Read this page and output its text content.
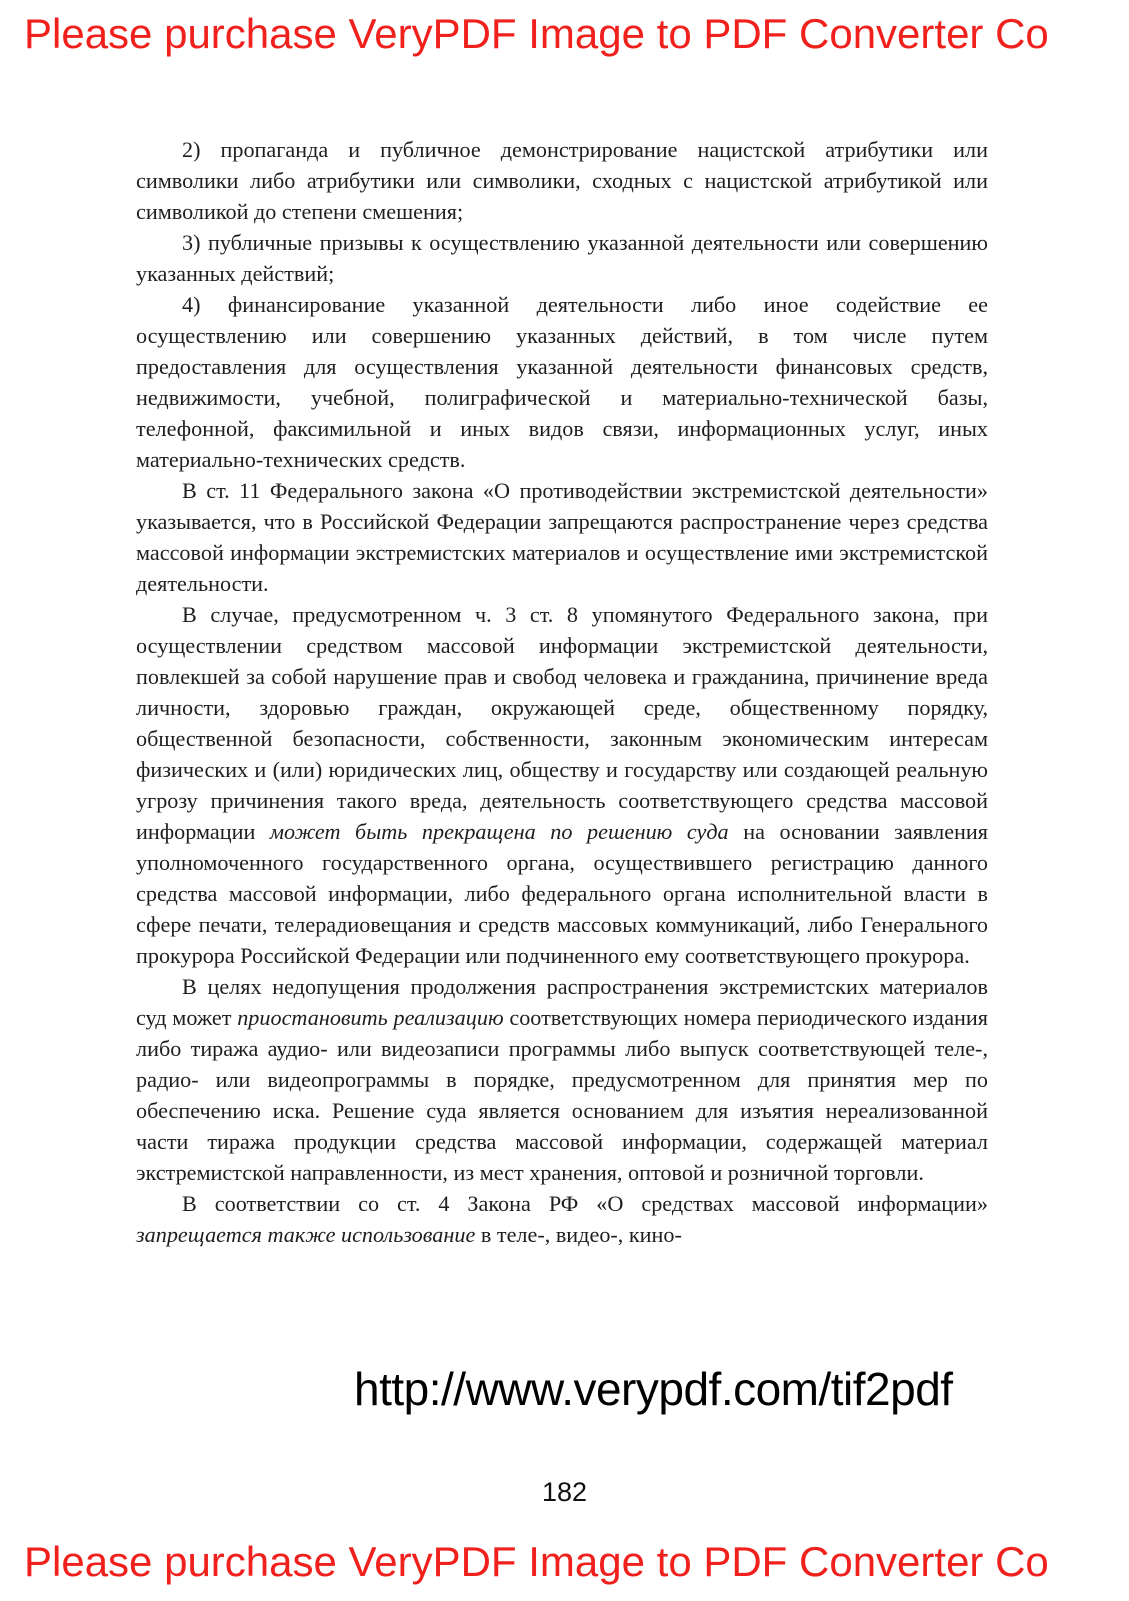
Please purchase VeryPDF Image to PDF Converter Co

2) пропаганда и публичное демонстрирование нацистской атрибутики или символики либо атрибутики или символики, сходных с нацистской атрибутикой или символикой до степени смешения;

3) публичные призывы к осуществлению указанной деятельности или совершению указанных действий;

4) финансирование указанной деятельности либо иное содействие ее осуществлению или совершению указанных действий, в том числе путем предоставления для осуществления указанной деятельности финансовых средств, недвижимости, учебной, полиграфической и материально-технической базы, телефонной, факсимильной и иных видов связи, информационных услуг, иных материально-технических средств.

В ст. 11 Федерального закона «О противодействии экстремистской деятельности» указывается, что в Российской Федерации запрещаются распространение через средства массовой информации экстремистских материалов и осуществление ими экстремистской деятельности.

В случае, предусмотренном ч. 3 ст. 8 упомянутого Федерального закона, при осуществлении средством массовой информации экстремистской деятельности, повлекшей за собой нарушение прав и свобод человека и гражданина, причинение вреда личности, здоровью граждан, окружающей среде, общественному порядку, общественной безопасности, собственности, законным экономическим интересам физических и (или) юридических лиц, обществу и государству или создающей реальную угрозу причинения такого вреда, деятельность соответствующего средства массовой информации может быть прекращена по решению суда на основании заявления уполномоченного государственного органа, осуществившего регистрацию данного средства массовой информации, либо федерального органа исполнительной власти в сфере печати, телерадиовещания и средств массовых коммуникаций, либо Генерального прокурора Российской Федерации или подчиненного ему соответствующего прокурора.

В целях недопущения продолжения распространения экстремистских материалов суд может приостановить реализацию соответствующих номера периодического издания либо тиража аудио- или видеозаписи программы либо выпуск соответствующей теле-, радио- или видеопрограммы в порядке, предусмотренном для принятия мер по обеспечению иска. Решение суда является основанием для изъятия нереализованной части тиража продукции средства массовой информации, содержащей материал экстремистской направленности, из мест хранения, оптовой и розничной торговли.

В соответствии со ст. 4 Закона РФ «О средствах массовой информации» запрещается также использование в теле-, видео-, кино-

http://www.verypdf.com/tif2pdf
182
Please purchase VeryPDF Image to PDF Converter Co
